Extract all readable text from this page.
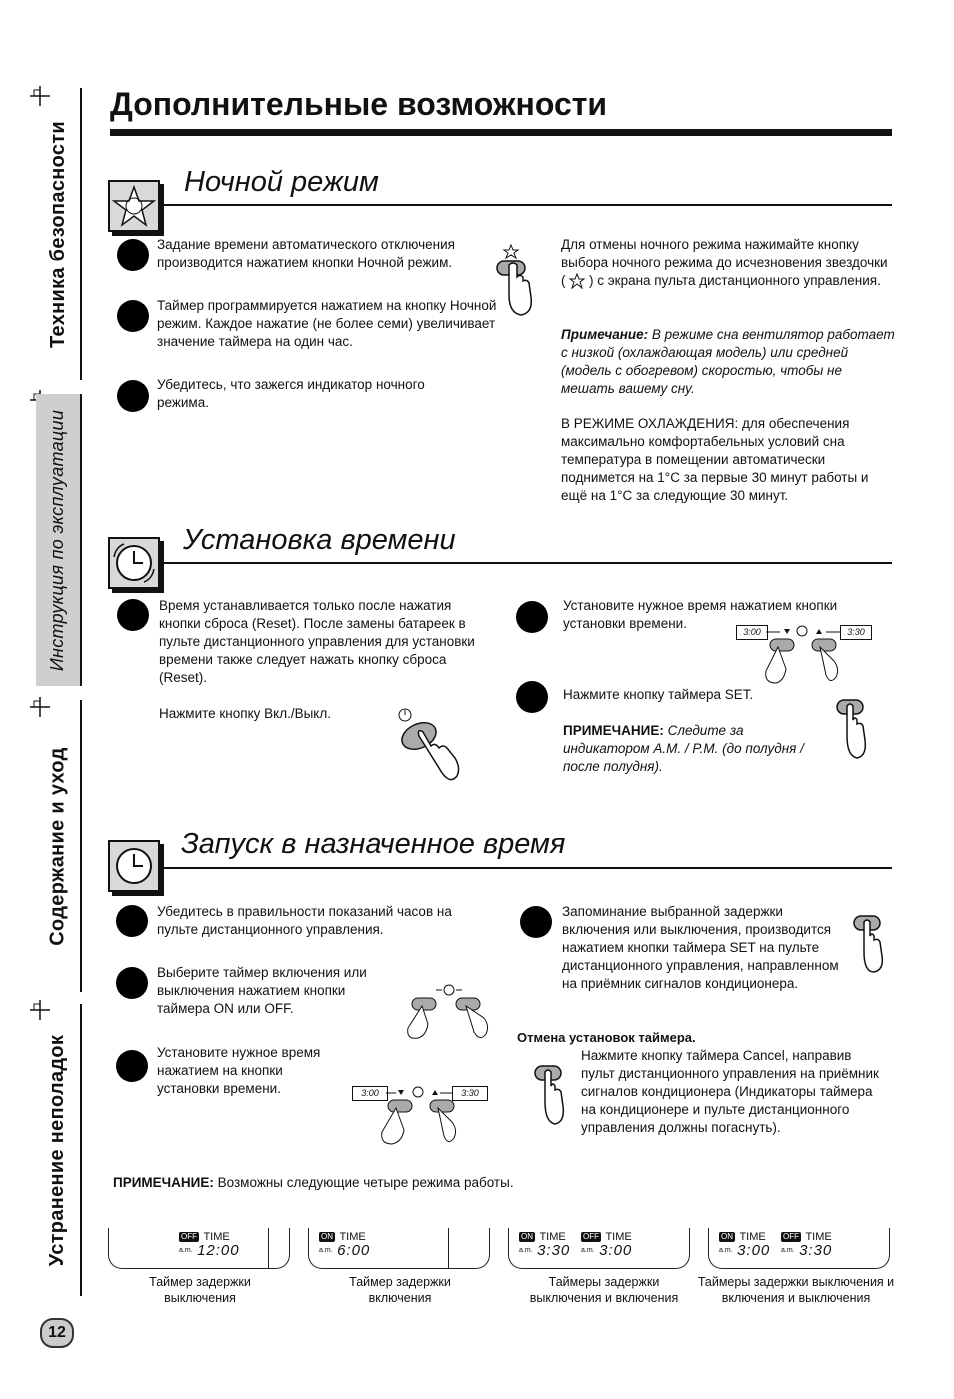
Техника безопасности
Инструкция по эксплуатации
Содержание и уход
Устранение неполадок
12
Дополнительные возможности
Ночной режим
Задание времени автоматического отключения производится нажатием кнопки Ночной режим.
Таймер программируется нажатием на кнопку Ночной режим. Каждое нажатие (не более семи) увеличивает значение таймера на один час.
Убедитесь, что зажегся индикатор ночного режима.
Для отмены ночного режима нажимайте кнопку выбора ночного режима до исчезновения звездочки ( ) с экрана пульта дистанционного управления.
Примечание: В режиме сна вентилятор работает с низкой (охлаждающая модель) или средней (модель с обогревом) скоростью, чтобы не мешать вашему сну.
В РЕЖИМЕ ОХЛАЖДЕНИЯ: для обеспечения максимально комфортабельных условий сна температура в помещении автоматически поднимется на 1°C за первые 30 минут работы и ещё на 1°C за следующие 30 минут.
Установка времени
Время устанавливается только после нажатия кнопки сброса (Reset). После замены батареек в пульте дистанционного управления для установки времени также следует нажать кнопку сброса (Reset).
Нажмите кнопку Вкл./Выкл.
Установите нужное время нажатием кнопки установки времени.
3:00	3:30
Нажмите кнопку таймера SET.
ПРИМЕЧАНИЕ: Следите за индикатором A.M. / P.M. (до полудня / после полудня).
Запуск в назначенное время
Убедитесь в правильности показаний часов на пульте дистанционного управления.
Выберите таймер включения или выключения нажатием кнопки таймера ON или OFF.
Установите нужное время нажатием на кнопки установки времени.	3:00	3:30
Запоминание выбранной задержки включения или выключения, производится нажатием кнопки таймера SET на пульте дистанционного управления, направленном на приёмник сигналов кондиционера.
Отмена установок таймера.
Нажмите кнопку таймера Cancel, направив пульт дистанционного управления на приёмник сигналов кондиционера (Индикаторы таймера на кондиционере и пульте дистанционного управления должны погаснуть).
ПРИМЕЧАНИЕ: Возможны следующие четыре режима работы.
OFF TIME
$^{a.m.}$ 12:00
Таймер задержки выключения
ON TIME
$^{a.m.}$ 6:00
Таймер задержки включения
ON TIME
$^{a.m.}$ 3:30
OFF TIME
$^{a.m.}$ 3:00
Таймеры задержки выключения и включения
ON TIME
$^{a.m.}$ 3:00
OFF TIME
$^{a.m.}$ 3:30
Таймеры задержки выключения и включения и выключения
